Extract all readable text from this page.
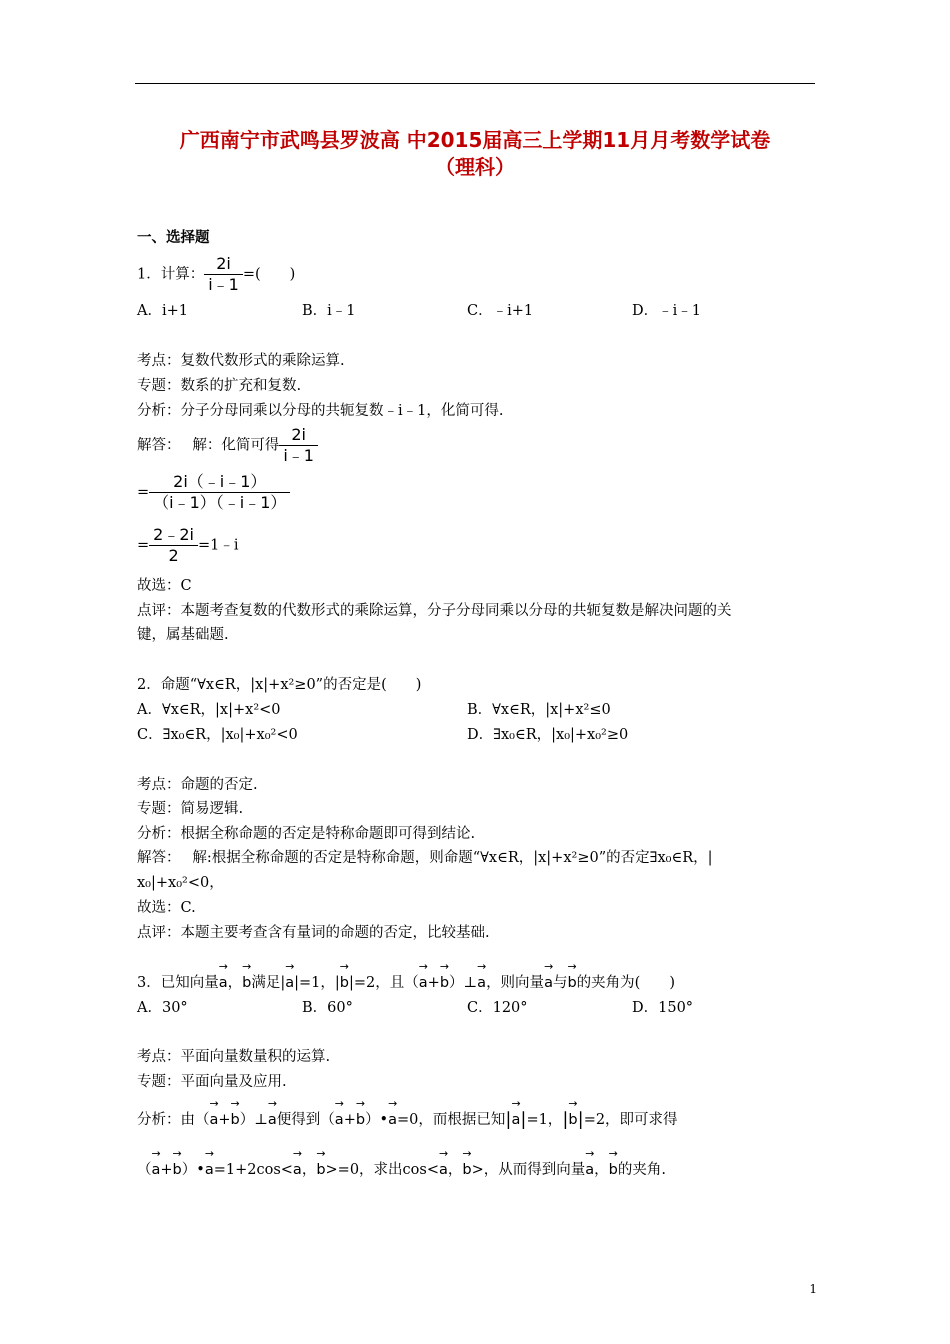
广西南宁市武鸣县罗波高 中2015届高三上学期11月月考数学试卷
（理科）
一、选择题
1．计算： $\frac{2i}{i﹣1}$ =(　　)
A．i+1	B．i﹣1	C．﹣i+1	D．﹣i﹣1
考点：复数代数形式的乘除运算.
专题：数系的扩充和复数.
分析：分子分母同乘以分母的共轭复数﹣i﹣1，化简可得.
解答：　 解：化简可得 $\frac{2i}{i﹣1}$
= $\frac{2i(﹣i﹣1)}{(i﹣1)(﹣i﹣1)}$
= $\frac{2﹣2i}{2}$ =1﹣i
故选：C
点评：本题考查复数的代数形式的乘除运算，分子分母同乘以分母的共轭复数是解决问题的关
键，属基础题.
2．命题“∀x∈R，|x|+x²≥0”的否定是(　　)
A．∀x∈R，|x|+x²<0	B．∀x∈R，|x|+x²≤0
C．∃x₀∈R，|x₀|+x₀²<0	D．∃x₀∈R，|x₀|+x₀²≥0
考点：命题的否定.
专题：简易逻辑.
分析：根据全称命题的否定是特称命题即可得到结论.
解答：　 解:根据全称命题的否定是特称命题，则命题“∀x∈R，|x|+x²≥0”的否定∃x₀∈R，|
x₀|+x₀²<0，
故选：C.
点评：本题主要考查含有量词的命题的否定，比较基础.
3．已知向量→ a，→ b满足|→ a|=1，|→ b|=2，且（→ a+→ b）⊥→ a，则向量→ a与→ b的夹角为(　　)
A．30°	B．60°	C．120°	D．150°
考点：平面向量数量积的运算.
专题：平面向量及应用.
分析：由（→ a+→ b）⊥→ a便得到（→ a+→ b）•→ a=0，而根据已知|→ a|=1，|→ b|=2，即可求得
（→ a+→ b）•→ a=1+2cos<→ a，→ b>=0，求出cos<→ a，→ b>，从而得到向量→ a，→ b的夹角.
1
